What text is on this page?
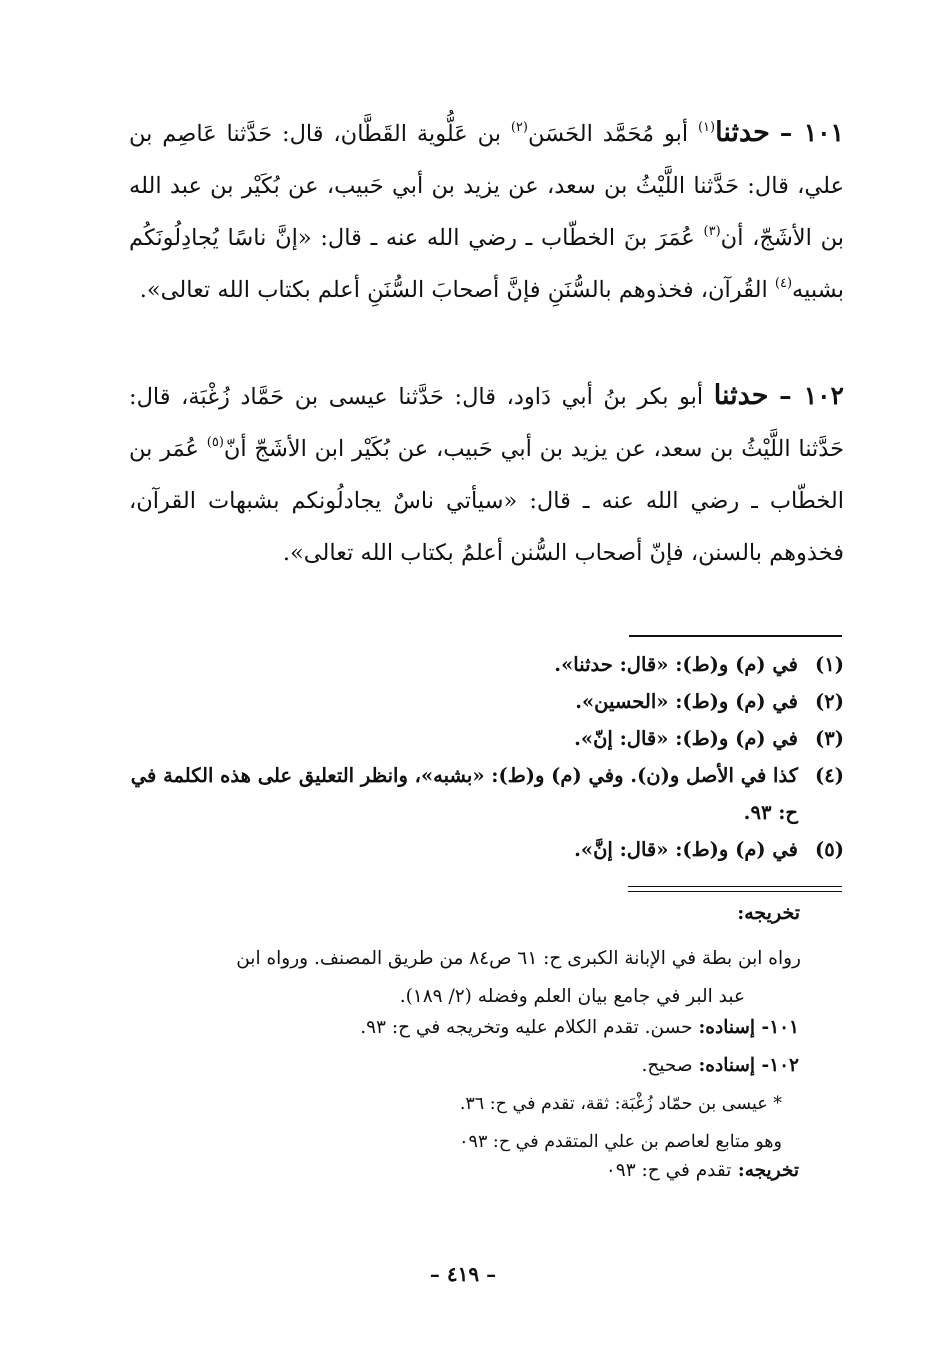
١٠١ – حدثنا$^{(١)}$ أبو مُحَمَّد الحَسَن$^{(٢)}$ بن عَلُّوية القَطَّان، قال: حَدَّثنا عَاصِم بن علي، قال: حَدَّثنا اللَّيْثُ بن سعد، عن يزيد بن أبي حَبيب، عن بُكَيْر بن عبد الله بن الأشَجّ، أن$^{(٣)}$ عُمَرَ بنَ الخطّاب ـ رضي الله عنه ـ قال: «إنَّ ناسًا يُجادِلُونَكُم بشبيه$^{(٤)}$ القُرآن، فخذوهم بالسُّنَنِ فإنَّ أصحابَ السُّنَنِ أعلم بكتاب الله تعالى».

١٠٢ – حدثنا أبو بكر بنُ أبي دَاود، قال: حَدَّثنا عيسى بن حَمَّاد زُغْبَة، قال: حَدَّثنا اللَّيْثُ بن سعد، عن يزيد بن أبي حَبيب، عن بُكَيْر ابن الأشَجّ أنّ$^{(٥)}$ عُمَر بن الخطّاب ـ رضي الله عنه ـ قال: «سيأتي ناسٌ يجادلُونكم بشبهات القرآن، فخذوهم بالسنن، فإنّ أصحاب السُّنن أعلمُ بكتاب الله تعالى».

(١)
في (م) و(ط): «قال: حدثنا».
(٢)
في (م) و(ط): «الحسين».
(٣)
في (م) و(ط): «قال: إنّ».
(٤)
كذا في الأصل و(ن). وفي (م) و(ط): «بشبه»، وانظر التعليق على هذه الكلمة في ح: ٩٣.
(٥)
في (م) و(ط): «قال: إنَّ».
تخريجه:
رواه ابن بطة في الإبانة الكبرى ح: ٦١ ص٨٤ من طريق المصنف. ورواه ابن
عبد البر في جامع بيان العلم وفضله (٢/ ١٨٩).
١٠١- إسناده: حسن. تقدم الكلام عليه وتخريجه في ح: ٩٣.
١٠٢- إسناده: صحيح.
* عيسى بن حمّاد زُغْبَة: ثقة، تقدم في ح: ٣٦.
وهو متابع لعاصم بن علي المتقدم في ح: ٠٩٣
تخريجه: تقدم في ح: ٠٩٣
– ٤١٩ –
